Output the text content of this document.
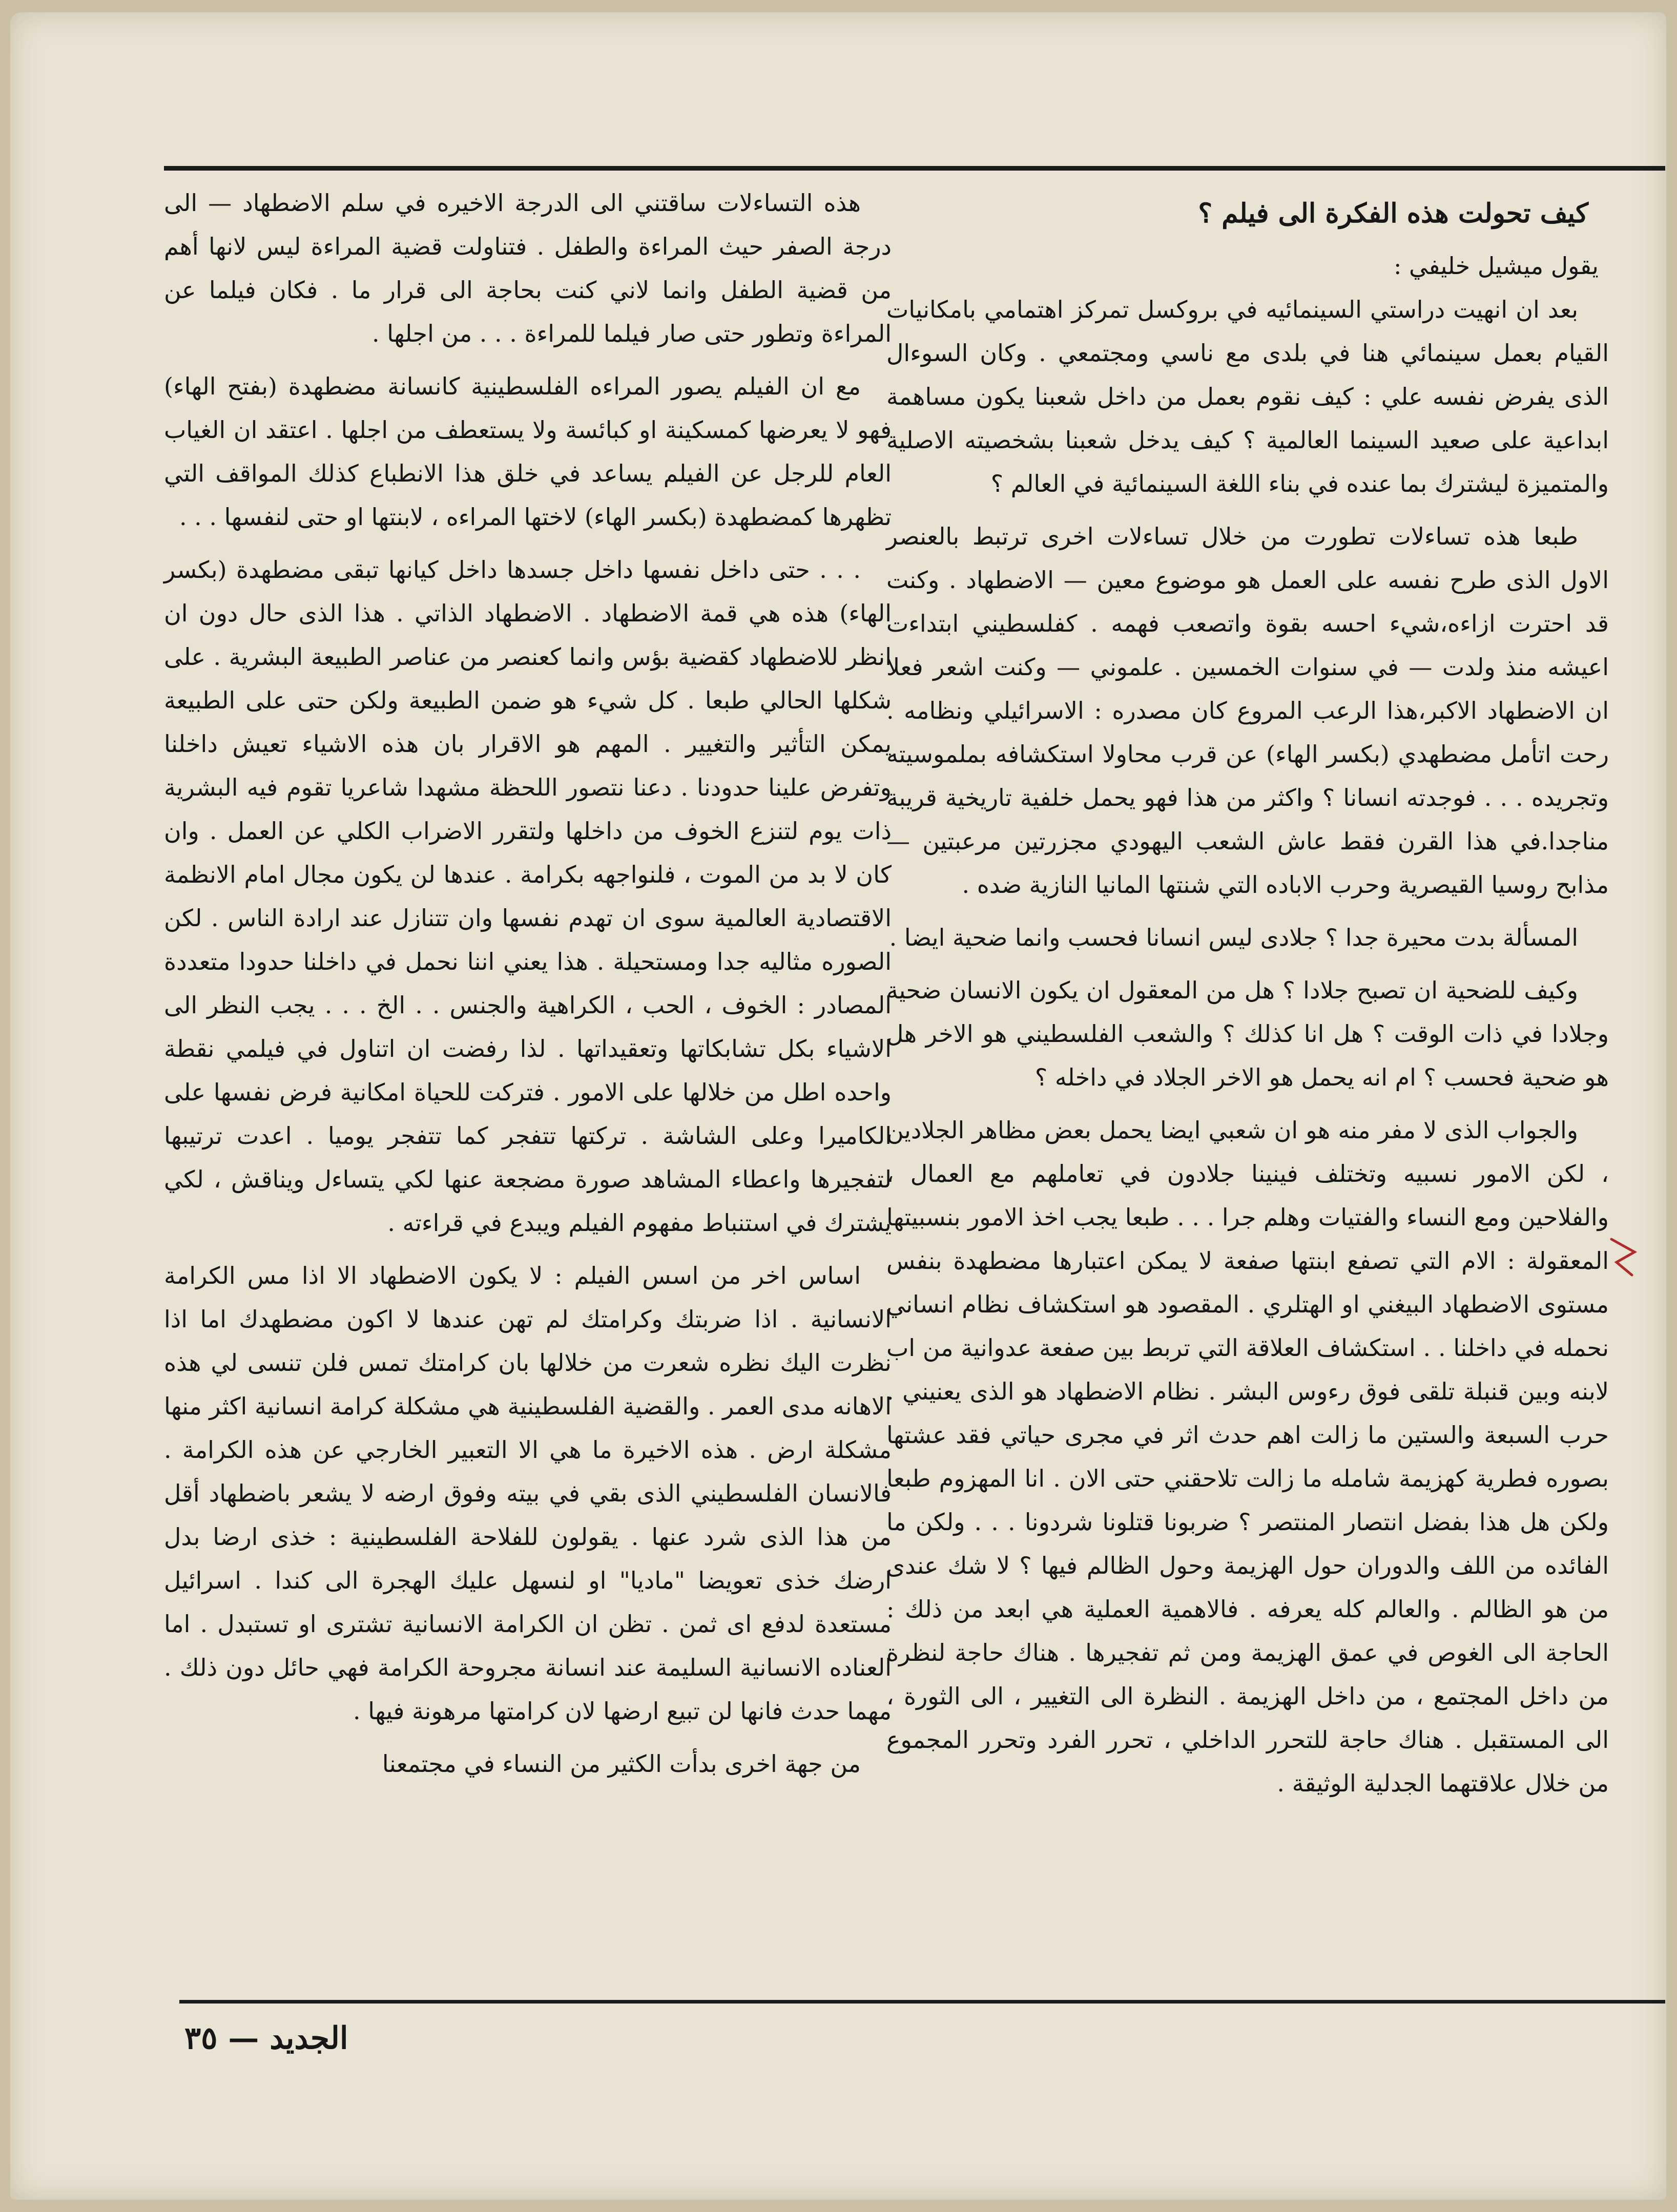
كيف تحولت هذه الفكرة الى فيلم ؟

يقول ميشيل خليفي :

بعد ان انهيت دراستي السينمائيه في بروكسل تمركز اهتمامي بامكانيات القيام بعمل سينمائي هنا في بلدى مع ناسي ومجتمعي . وكان السوءال الذى يفرض نفسه علي : كيف نقوم بعمل من داخل شعبنا يكون مساهمة ابداعية على صعيد السينما العالمية ؟ كيف يدخل شعبنا بشخصيته الاصلية والمتميزة ليشترك بما عنده في بناء اللغة السينمائية في العالم ؟

طبعا هذه تساءلات تطورت من خلال تساءلات اخرى ترتبط بالعنصر الاول الذى طرح نفسه على العمل هو موضوع معين — الاضطهاد . وكنت قد احترت ازاءه،شيء احسه بقوة واتصعب فهمه . كفلسطيني ابتداءت اعيشه منذ ولدت — في سنوات الخمسين . علموني — وكنت اشعر فعلا ان الاضطهاد الاكبر،هذا الرعب المروع كان مصدره : الاسرائيلي ونظامه . رحت اتأمل مضطهدي (بكسر الهاء) عن قرب محاولا استكشافه بملموسيته وتجريده . . . فوجدته انسانا ؟ واكثر من هذا فهو يحمل خلفية تاريخية قريبة مناجدا.في هذا القرن فقط عاش الشعب اليهودي مجزرتين مرعبتين — مذابح روسيا القيصرية وحرب الاباده التي شنتها المانيا النازية ضده .

المسألة بدت محيرة جدا ؟ جلادى ليس انسانا فحسب وانما ضحية ايضا .

وكيف للضحية ان تصبح جلادا ؟ هل من المعقول ان يكون الانسان ضحية وجلادا في ذات الوقت ؟ هل انا كذلك ؟ والشعب الفلسطيني هو الاخر هل هو ضحية فحسب ؟ ام انه يحمل هو الاخر الجلاد في داخله ؟

والجواب الذى لا مفر منه هو ان شعبي ايضا يحمل بعض مظاهر الجلادين ، لكن الامور نسبيه وتختلف فينينا جلادون في تعاملهم مع العمال ، والفلاحين ومع النساء والفتيات وهلم جرا . . . طبعا يجب اخذ الامور بنسبيتها المعقولة : الام التي تصفع ابنتها صفعة لا يمكن اعتبارها مضطهدة بنفس مستوى الاضطهاد البيغني او الهتلري . المقصود هو استكشاف نظام انساني نحمله في داخلنا . . استكشاف العلاقة التي تربط بين صفعة عدوانية من اب لابنه وبين قنبلة تلقى فوق رءوس البشر . نظام الاضطهاد هو الذى يعنيني . حرب السبعة والستين ما زالت اهم حدث اثر في مجرى حياتي فقد عشتها بصوره فطرية كهزيمة شامله ما زالت تلاحقني حتى الان . انا المهزوم طبعا ولكن هل هذا بفضل انتصار المنتصر ؟ ضربونا قتلونا شردونا . . . ولكن ما الفائده من اللف والدوران حول الهزيمة وحول الظالم فيها ؟ لا شك عندى من هو الظالم . والعالم كله يعرفه . فالاهمية العملية هي ابعد من ذلك : الحاجة الى الغوص في عمق الهزيمة ومن ثم تفجيرها . هناك حاجة لنظرة من داخل المجتمع ، من داخل الهزيمة . النظرة الى التغيير ، الى الثورة ، الى المستقبل . هناك حاجة للتحرر الداخلي ، تحرر الفرد وتحرر المجموع من خلال علاقتهما الجدلية الوثيقة .

هذه التساءلات ساقتني الى الدرجة الاخيره في سلم الاضطهاد — الى درجة الصفر حيث المراءة والطفل . فتناولت قضية المراءة ليس لانها أهم من قضية الطفل وانما لاني كنت بحاجة الى قرار ما . فكان فيلما عن المراءة وتطور حتى صار فيلما للمراءة . . . من اجلها .

مع ان الفيلم يصور المراءه الفلسطينية كانسانة مضطهدة (بفتح الهاء) فهو لا يعرضها كمسكينة او كبائسة ولا يستعطف من اجلها . اعتقد ان الغياب العام للرجل عن الفيلم يساعد في خلق هذا الانطباع كذلك المواقف التي تظهرها كمضطهدة (بكسر الهاء) لاختها المراءه ، لابنتها او حتى لنفسها . . .

. . . حتى داخل نفسها داخل جسدها داخل كيانها تبقى مضطهدة (بكسر الهاء) هذه هي قمة الاضطهاد . الاضطهاد الذاتي . هذا الذى حال دون ان انظر للاضطهاد كقضية بؤس وانما كعنصر من عناصر الطبيعة البشرية . على شكلها الحالي طبعا . كل شيء هو ضمن الطبيعة ولكن حتى على الطبيعة يمكن التأثير والتغيير . المهم هو الاقرار بان هذه الاشياء تعيش داخلنا وتفرض علينا حدودنا . دعنا نتصور اللحظة مشهدا شاعريا تقوم فيه البشرية ذات يوم لتنزع الخوف من داخلها ولتقرر الاضراب الكلي عن العمل . وان كان لا بد من الموت ، فلنواجهه بكرامة . عندها لن يكون مجال امام الانظمة الاقتصادية العالمية سوى ان تهدم نفسها وان تتنازل عند ارادة الناس . لكن الصوره مثاليه جدا ومستحيلة . هذا يعني اننا نحمل في داخلنا حدودا متعددة المصادر : الخوف ، الحب ، الكراهية والجنس . . الخ . . . يجب النظر الى الاشياء بكل تشابكاتها وتعقيداتها . لذا رفضت ان اتناول في فيلمي نقطة واحده اطل من خلالها على الامور . فتركت للحياة امكانية فرض نفسها على الكاميرا وعلى الشاشة . تركتها تتفجر كما تتفجر يوميا . اعدت ترتيبها لتفجيرها واعطاء المشاهد صورة مضجعة عنها لكي يتساءل ويناقش ، لكي يشترك في استنباط مفهوم الفيلم ويبدع في قراءته .

اساس اخر من اسس الفيلم : لا يكون الاضطهاد الا اذا مس الكرامة الانسانية . اذا ضربتك وكرامتك لم تهن عندها لا اكون مضطهدك اما اذا نظرت اليك نظره شعرت من خلالها بان كرامتك تمس فلن تنسى لي هذه الاهانه مدى العمر . والقضية الفلسطينية هي مشكلة كرامة انسانية اكثر منها مشكلة ارض . هذه الاخيرة ما هي الا التعبير الخارجي عن هذه الكرامة . فالانسان الفلسطيني الذى بقي في بيته وفوق ارضه لا يشعر باضطهاد أقل من هذا الذى شرد عنها . يقولون للفلاحة الفلسطينية : خذى ارضا بدل ارضك خذى تعويضا "ماديا" او لنسهل عليك الهجرة الى كندا . اسرائيل مستعدة لدفع اى ثمن . تظن ان الكرامة الانسانية تشترى او تستبدل . اما العناده الانسانية السليمة عند انسانة مجروحة الكرامة فهي حائل دون ذلك . مهما حدث فانها لن تبيع ارضها لان كرامتها مرهونة فيها .

من جهة اخرى بدأت الكثير من النساء في مجتمعنا

الجديد — ٣٥
